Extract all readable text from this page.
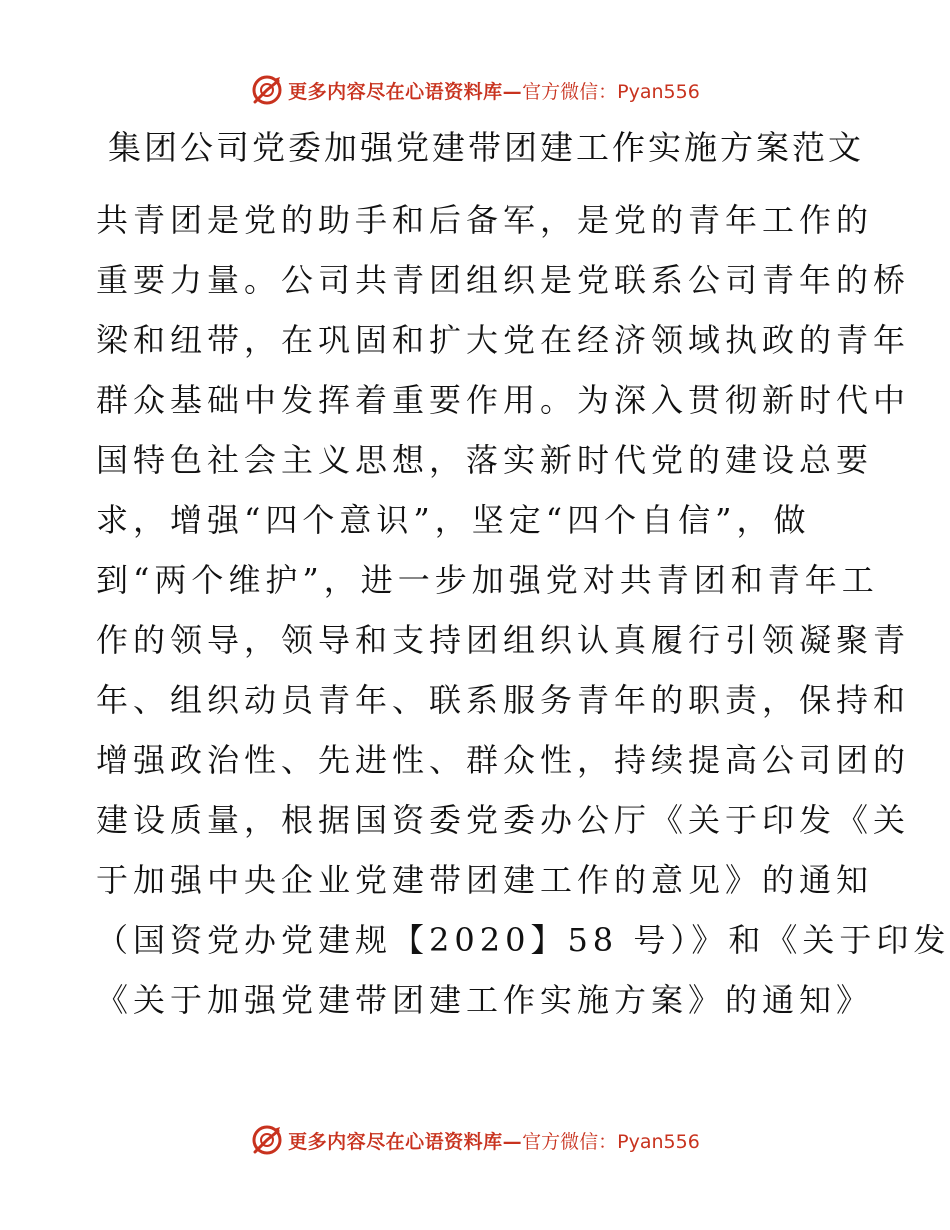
更多内容尽在心语资料库— 官方微信：Pyan556
集团公司党委加强党建带团建工作实施方案范文
共青团是党的助手和后备军，是党的青年工作的
重要力量。公司共青团组织是党联系公司青年的桥
梁和纽带，在巩固和扩大党在经济领域执政的青年
群众基础中发挥着重要作用。为深入贯彻新时代中
国特色社会主义思想，落实新时代党的建设总要
求，增强“四个意识”，坚定“四个自信”，做
到“两个维护”，进一步加强党对共青团和青年工
作的领导，领导和支持团组织认真履行引领凝聚青
年、组织动员青年、联系服务青年的职责，保持和
增强政治性、先进性、群众性，持续提高公司团的
建设质量，根据国资委党委办公厅《关于印发《关
于加强中央企业党建带团建工作的意见》的通知
（国资党办党建规【2020】58 号）》和《关于印发
《关于加强党建带团建工作实施方案》的通知》
更多内容尽在心语资料库— 官方微信：Pyan556
